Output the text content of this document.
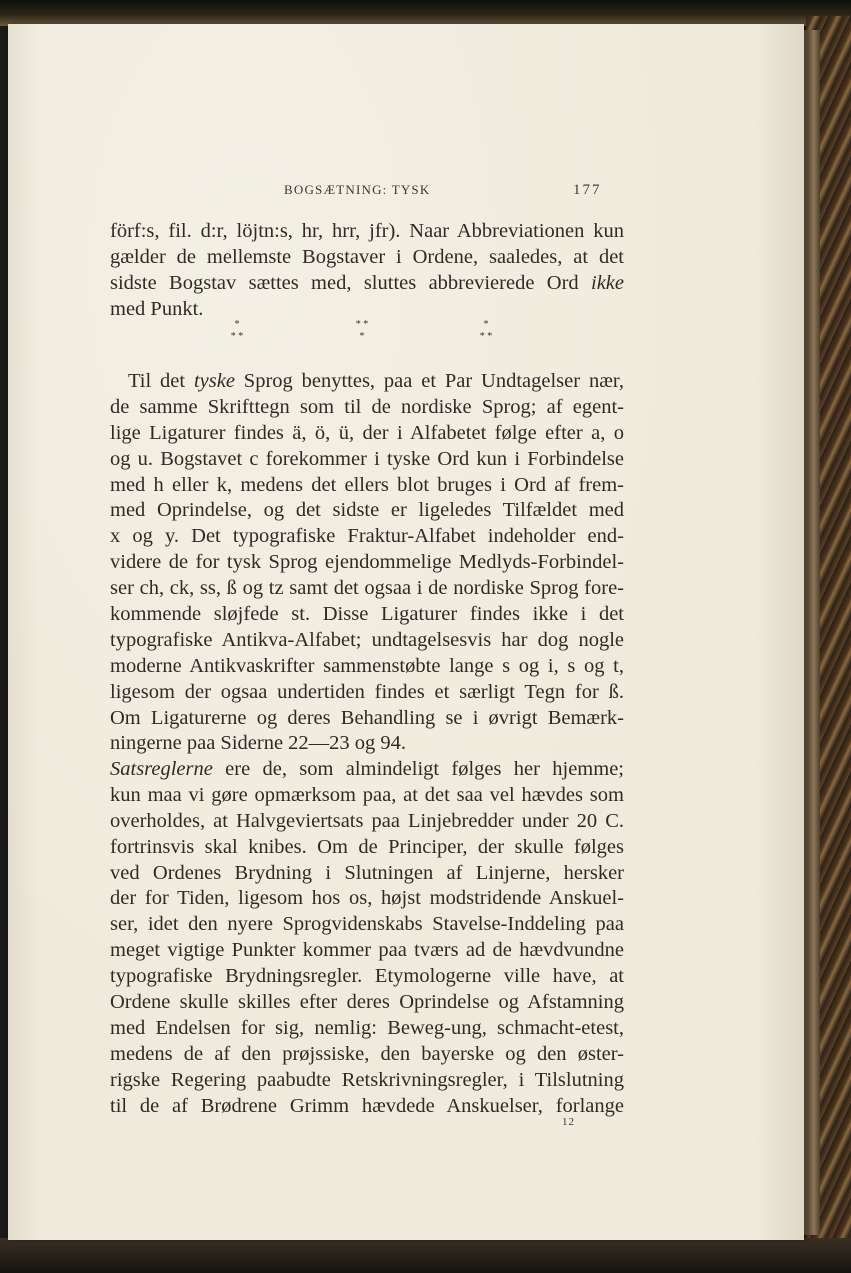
BOGSÆTNING: TYSK	177
förf:s, fil. d:r, löjtn:s, hr, hrr, jfr). Naar Abbreviationen kun
gælder de mellemste Bogstaver i Ordene, saaledes, at det
sidste Bogstav sættes med, sluttes abbrevierede Ord ikke
med Punkt.
*
* *
* *
*
*
* *
Til det tyske Sprog benyttes, paa et Par Undtagelser nær,
de samme Skrifttegn som til de nordiske Sprog; af egent-
lige Ligaturer findes ä, ö, ü, der i Alfabetet følge efter a, o
og u. Bogstavet c forekommer i tyske Ord kun i Forbindelse
med h eller k, medens det ellers blot bruges i Ord af frem-
med Oprindelse, og det sidste er ligeledes Tilfældet med
x og y. Det typografiske Fraktur-Alfabet indeholder end-
videre de for tysk Sprog ejendommelige Medlyds-Forbindel-
ser ch, ck, ss, ß og tz samt det ogsaa i de nordiske Sprog fore-
kommende sløjfede st. Disse Ligaturer findes ikke i det
typografiske Antikva-Alfabet; undtagelsesvis har dog nogle
moderne Antikvaskrifter sammenstøbte lange s og i, s og t,
ligesom der ogsaa undertiden findes et særligt Tegn for ß.
Om Ligaturerne og deres Behandling se i øvrigt Bemærk-
ningerne paa Siderne 22—23 og 94.
Satsreglerne ere de, som almindeligt følges her hjemme;
kun maa vi gøre opmærksom paa, at det saa vel hævdes som
overholdes, at Halvgeviertsats paa Linjebredder under 20 C.
fortrinsvis skal knibes. Om de Principer, der skulle følges
ved Ordenes Brydning i Slutningen af Linjerne, hersker
der for Tiden, ligesom hos os, højst modstridende Anskuel-
ser, idet den nyere Sprogvidenskabs Stavelse-Inddeling paa
meget vigtige Punkter kommer paa tværs ad de hævdvundne
typografiske Brydningsregler. Etymologerne ville have, at
Ordene skulle skilles efter deres Oprindelse og Afstamning
med Endelsen for sig, nemlig: Beweg-ung, schmacht-etest,
medens de af den prøjssiske, den bayerske og den øster-
rigske Regering paabudte Retskrivningsregler, i Tilslutning
til de af Brødrene Grimm hævdede Anskuelser, forlange
12
